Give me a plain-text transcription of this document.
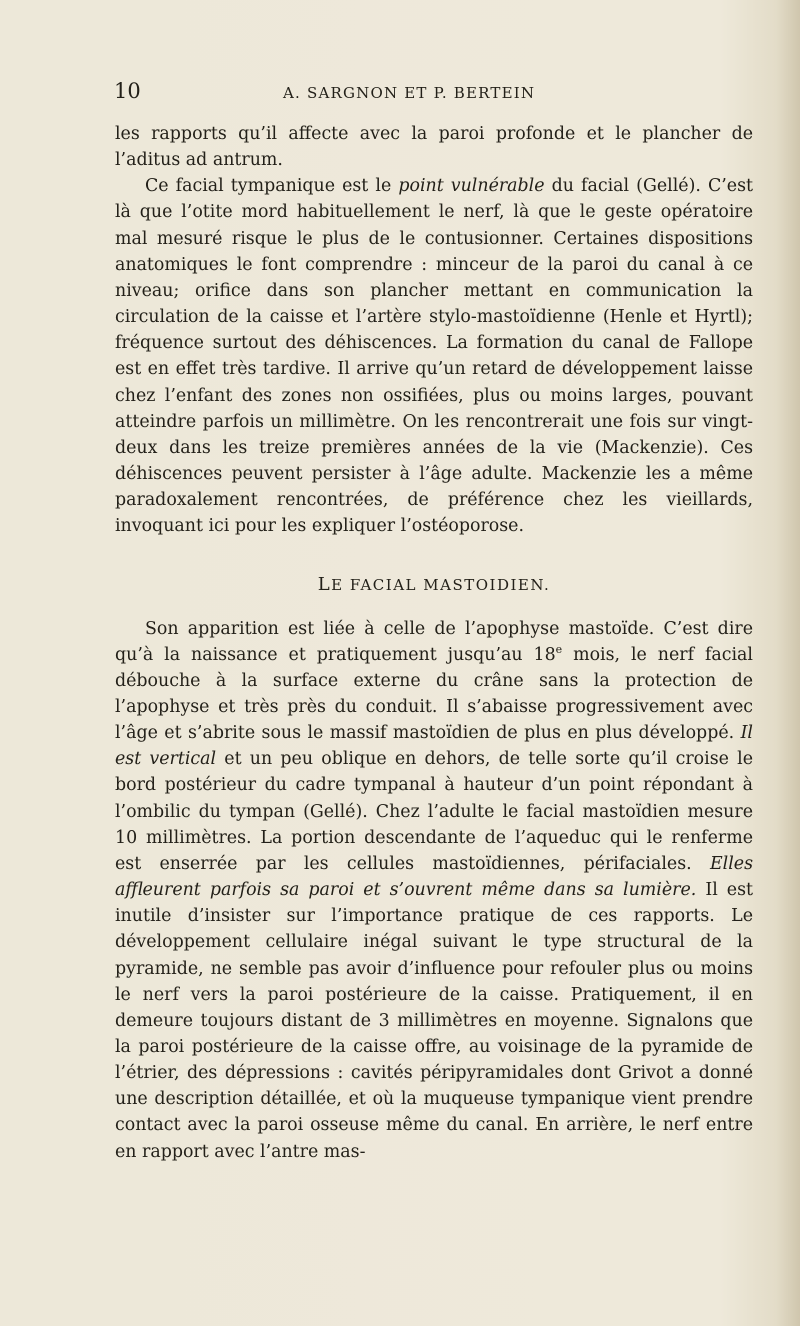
10	A. SARGNON ET P. BERTEIN

les rapports qu’il affecte avec la paroi profonde et le plancher de l’aditus ad antrum.

Ce facial tympanique est le point vulnérable du facial (Gellé). C’est là que l’otite mord habituellement le nerf, là que le geste opératoire mal mesuré risque le plus de le contusionner. Certaines dispositions anatomiques le font comprendre : minceur de la paroi du canal à ce niveau; orifice dans son plancher mettant en communication la circulation de la caisse et l’artère stylo-mastoïdienne (Henle et Hyrtl); fréquence surtout des déhiscences. La formation du canal de Fallope est en effet très tardive. Il arrive qu’un retard de développement laisse chez l’enfant des zones non ossifiées, plus ou moins larges, pouvant atteindre parfois un millimètre. On les rencontrerait une fois sur vingt-deux dans les treize premières années de la vie (Mackenzie). Ces déhiscences peuvent persister à l’âge adulte. Mackenzie les a même paradoxalement rencontrées, de préférence chez les vieillards, invoquant ici pour les expliquer l’ostéoporose.

LE FACIAL MASTOIDIEN.

Son apparition est liée à celle de l’apophyse mastoïde. C’est dire qu’à la naissance et pratiquement jusqu’au 18e mois, le nerf facial débouche à la surface externe du crâne sans la protection de l’apophyse et très près du conduit. Il s’abaisse progressivement avec l’âge et s’abrite sous le massif mastoïdien de plus en plus développé. Il est vertical et un peu oblique en dehors, de telle sorte qu’il croise le bord postérieur du cadre tympanal à hauteur d’un point répondant à l’ombilic du tympan (Gellé). Chez l’adulte le facial mastoïdien mesure 10 millimètres. La portion descendante de l’aqueduc qui le renferme est enserrée par les cellules mastoïdiennes, périfaciales. Elles affleurent parfois sa paroi et s’ouvrent même dans sa lumière. Il est inutile d’insister sur l’importance pratique de ces rapports. Le développement cellulaire inégal suivant le type structural de la pyramide, ne semble pas avoir d’influence pour refouler plus ou moins le nerf vers la paroi postérieure de la caisse. Pratiquement, il en demeure toujours distant de 3 millimètres en moyenne. Signalons que la paroi postérieure de la caisse offre, au voisinage de la pyramide de l’étrier, des dépressions : cavités péripyramidales dont Grivot a donné une description détaillée, et où la muqueuse tympanique vient prendre contact avec la paroi osseuse même du canal. En arrière, le nerf entre en rapport avec l’antre mas-
